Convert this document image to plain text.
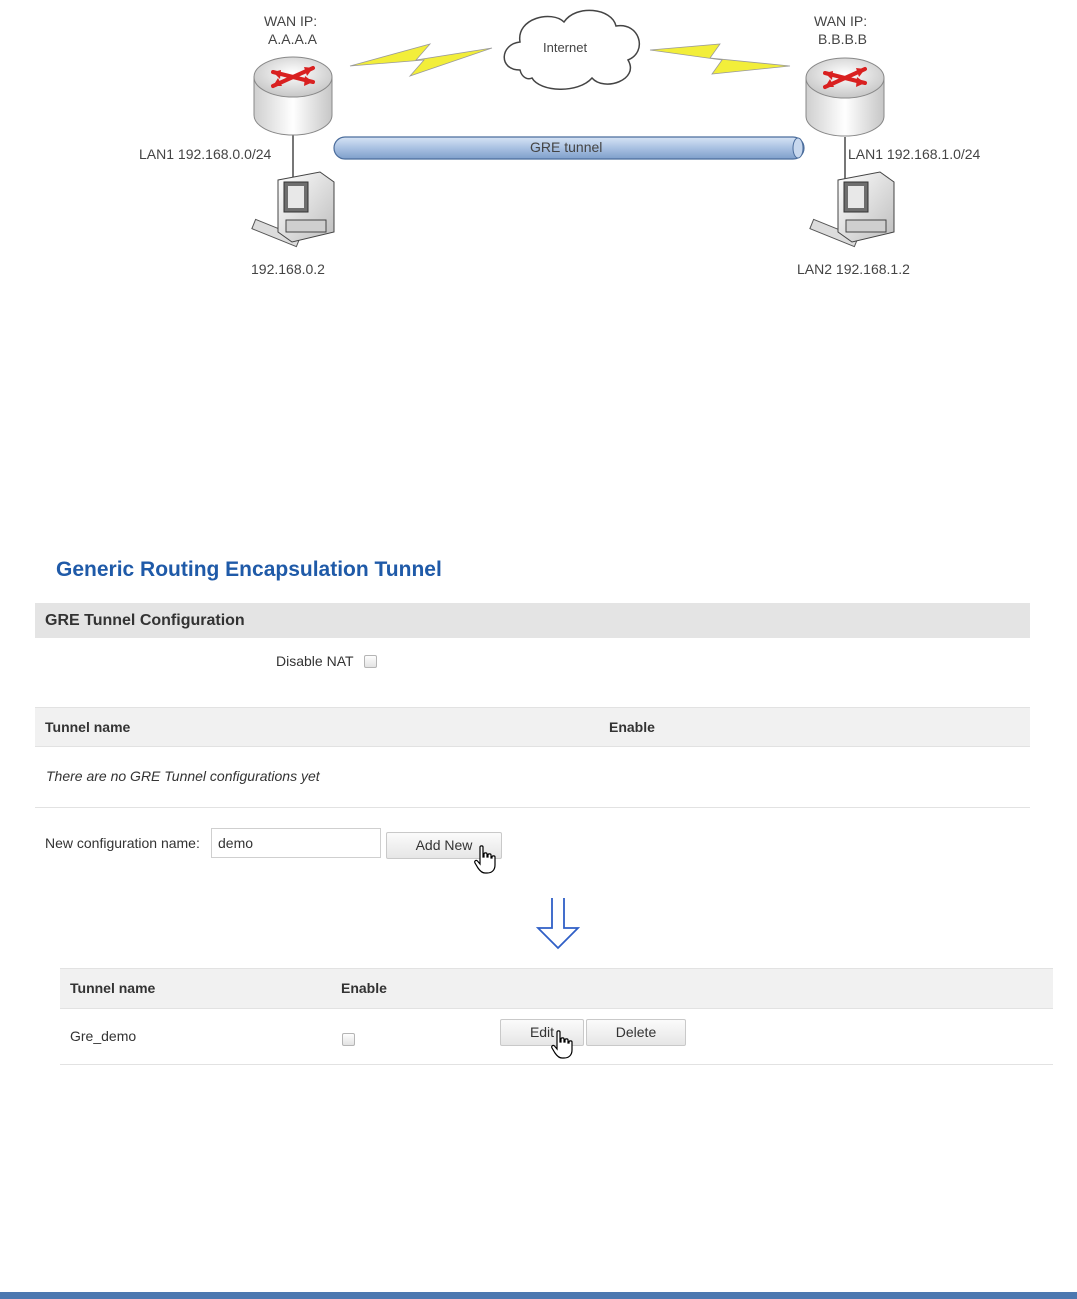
WAN IP:
A.A.A.A
WAN IP:
B.B.B.B
Internet
GRE tunnel
LAN1 192.168.0.0/24	LAN1 192.168.1.0/24
192.168.0.2	LAN2 192.168.1.2
Generic Routing Encapsulation Tunnel
GRE Tunnel Configuration
Disable NAT
Tunnel name	Enable
There are no GRE Tunnel configurations yet
New configuration name:
demo	Add New
Tunnel name	Enable
Gre_demo	Edit	Delete
